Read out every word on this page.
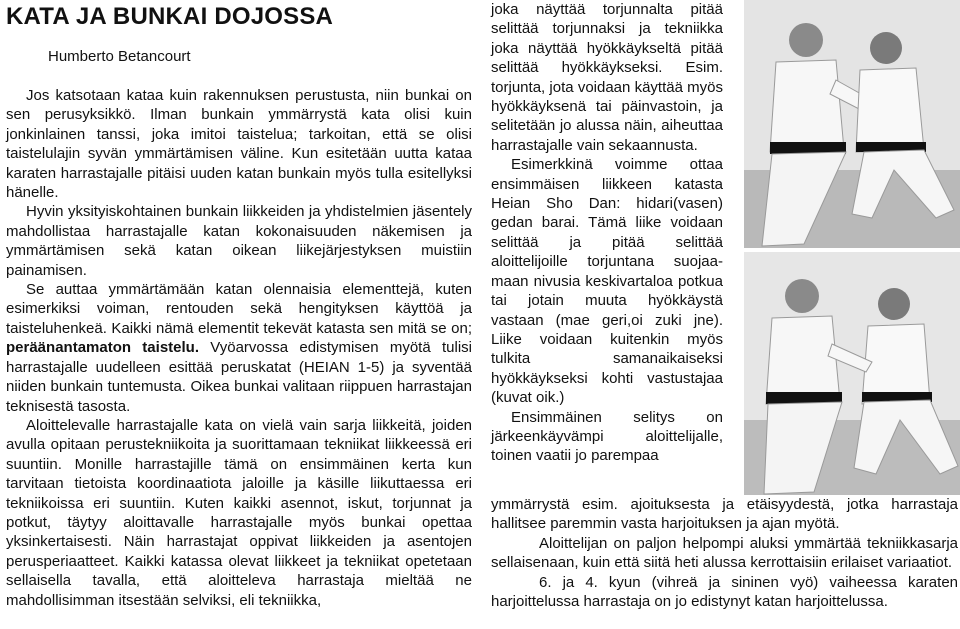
KATA JA BUNKAI DOJOSSA
Humberto Betancourt

Jos katsotaan kataa kuin rakennuksen perustusta, niin bunkai on sen perusyksikkö. Ilman bunkain ymmärrystä kata olisi kuin jonkinlainen tanssi, joka imitoi taistelua; tarkoitan, että se olisi taistelulajin syvän ymmärtämisen väline. Kun esitetään uutta kataa karaten harrastajalle pitäisi uuden katan bunkain myös tulla esitellyksi hänelle.

Hyvin yksityiskohtainen bunkain liikkeiden ja yhdistelmien jäsentely mahdollistaa harrastajalle katan kokonaisuuden näkemisen ja ymmärtämisen sekä katan oikean liikejärjestyksen muistiin painamisen.

Se auttaa ymmärtämään katan olennaisia elementtejä, kuten esimerkiksi voiman, rentouden sekä hengityksen käyttöä ja taisteluhenkeä. Kaikki nämä elementit tekevät katasta sen mitä se on; peräänantamaton taistelu. Vyöarvossa edistymisen myötä tulisi harrastajalle uudelleen esittää peruskatat (HEIAN 1-5) ja syventää niiden bunkain tuntemusta. Oikea bunkai valitaan riippuen harrastajan teknisestä tasosta.

Aloittelevalle harrastajalle kata on vielä vain sarja liikkeitä, joiden avulla opitaan perustekniikoita ja suorittamaan tekniikat liikkeessä eri suuntiin. Monille harrastajille tämä on ensimmäinen kerta kun tarvitaan tietoista koordinaatiota jaloille ja käsille liikuttaessa eri tekniikoissa eri suuntiin. Kuten kaikki asennot, iskut, torjunnat ja potkut, täytyy aloittavalle harrastajalle myös bunkai opettaa yksinkertaisesti. Näin harrastajat oppivat liikkeiden ja asentojen perusperiaatteet. Kaikki katassa olevat liikkeet ja tekniikat opetetaan sellaisella tavalla, että aloitteleva harrastaja mieltää ne mahdollisimman itsestään selviksi, eli tekniikka,

joka näyttää torjunnalta pitää selittää torjunnaksi ja tekniikka joka näyttää hyökkäykseltä pitää selittää hyökkäykseksi. Esim. torjunta, jota voidaan käyttää myös hyökkäyksenä tai päinvastoin, ja selitetään jo alussa näin, aiheuttaa harrastajalle vain sekaannusta.

Esimerkkinä voimme ottaa ensimmäisen liikkeen katasta Heian Sho Dan: hidari(vasen) gedan barai. Tämä liike voidaan selittää ja pitää selittää aloittelijoille torjuntana suojaa-maan nivusia keskivartaloa potkua tai jotain muuta hyökkäystä vastaan (mae geri,oi zuki jne). Liike voidaan kuitenkin myös tulkita samanaikaiseksi hyökkäykseksi kohti vastustajaa (kuvat oik.)

Ensimmäinen selitys on järkeenkäyvämpi aloittelijalle, toinen vaatii jo parempaa

ymmärrystä esim. ajoituksesta ja etäisyydestä, jotka harrastaja hallitsee paremmin vasta harjoituksen ja ajan myötä.

Aloittelijan on paljon helpompi aluksi ymmärtää tekniikkasarja sellaisenaan, kuin että siitä heti alussa kerrottaisiin erilaiset variaatiot.

6. ja 4. kyun (vihreä ja sininen vyö) vaiheessa karaten harjoittelussa harrastaja on jo edistynyt katan harjoittelussa.
